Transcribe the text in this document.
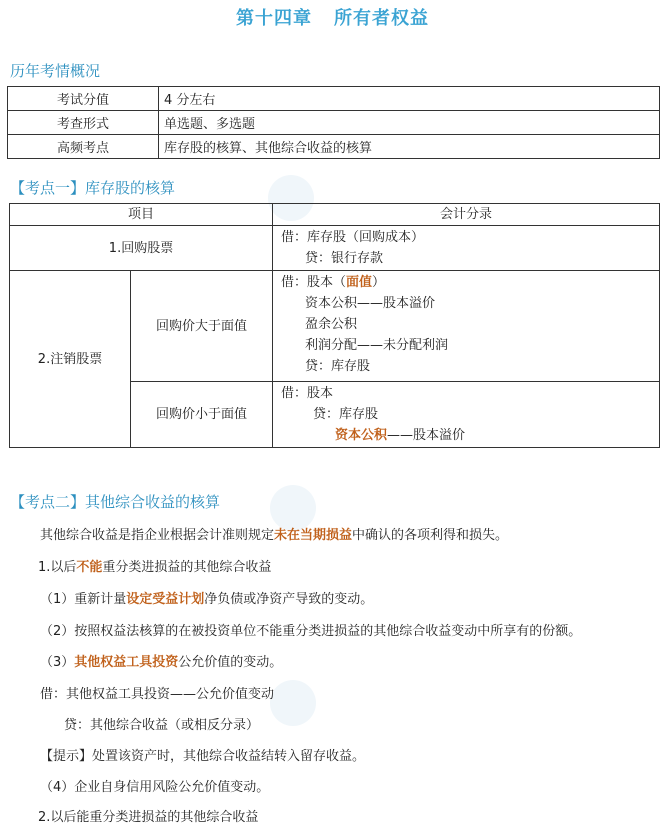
第十四章 所有者权益
历年考情概况
考试分值	4 分左右
考查形式	单选题、多选题
高频考点	库存股的核算、其他综合收益的核算
【考点一】库存股的核算
项目		会计分录
1.回购股票		借：库存股（回购成本）
贷：银行存款

2.注销股票	回购价大于面值	借：股本（面值）
资本公积——股本溢价
盈余公积
利润分配——未分配利润
贷：库存股

	回购价小于面值	借：股本
贷：库存股
资本公积——股本溢价
【考点二】其他综合收益的核算
其他综合收益是指企业根据会计准则规定未在当期损益中确认的各项利得和损失。
1.以后不能重分类进损益的其他综合收益
（1）重新计量设定受益计划净负债或净资产导致的变动。
（2）按照权益法核算的在被投资单位不能重分类进损益的其他综合收益变动中所享有的份额。
（3）其他权益工具投资公允价值的变动。
借：其他权益工具投资——公允价值变动
贷：其他综合收益（或相反分录）
【提示】处置该资产时，其他综合收益结转入留存收益。
（4）企业自身信用风险公允价值变动。
2.以后能重分类进损益的其他综合收益
